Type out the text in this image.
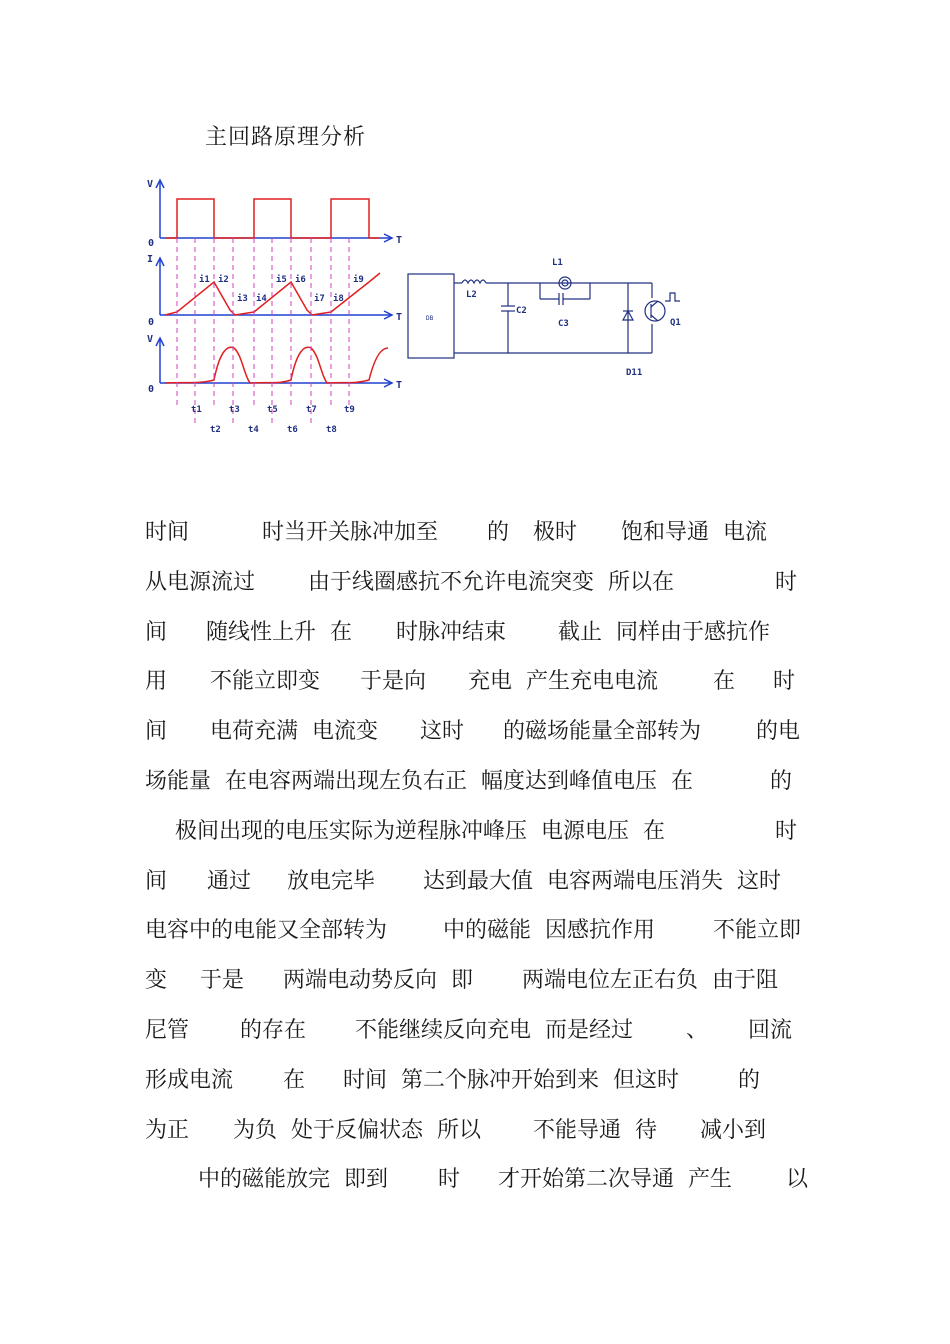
主回路原理分析
V
0	T
I
0	T
i1 i2
i3 i4
i5 i6
i7 i8
i9
V
0	T
t1	t3	t5	t7	t9
t2	t4	t6	t8
DB
L2
L1
C2
C3	Q1
D11
时间	时当开关脉冲加至 的 极时 饱和导通  电流
从电源流过 由于线圈感抗不允许电流突变  所以在	时
间 随线性上升  在 时脉冲结束 截止  同样由于感抗作
用 不能立即变 于是向 充电  产生充电电流	在 时
间 电荷充满  电流变 这时 的磁场能量全部转为 的电
场能量  在电容两端出现左负右正  幅度达到峰值电压  在	的
极间出现的电压实际为逆程脉冲峰压  电源电压  在	时
间 通过 放电完毕 达到最大值  电容两端电压消失  这时
电容中的电能又全部转为	中的磁能  因感抗作用	不能立即
变 于是 两端电动势反向  即 两端电位左正右负  由于阻
尼管 的存在 不能继续反向充电  而是经过 、 回流
形成电流 在 时间  第二个脉冲开始到来  但这时	的
为正 为负  处于反偏状态  所以 不能导通  待 减小到
中的磁能放完  即到 时 才开始第二次导通  产生 以
